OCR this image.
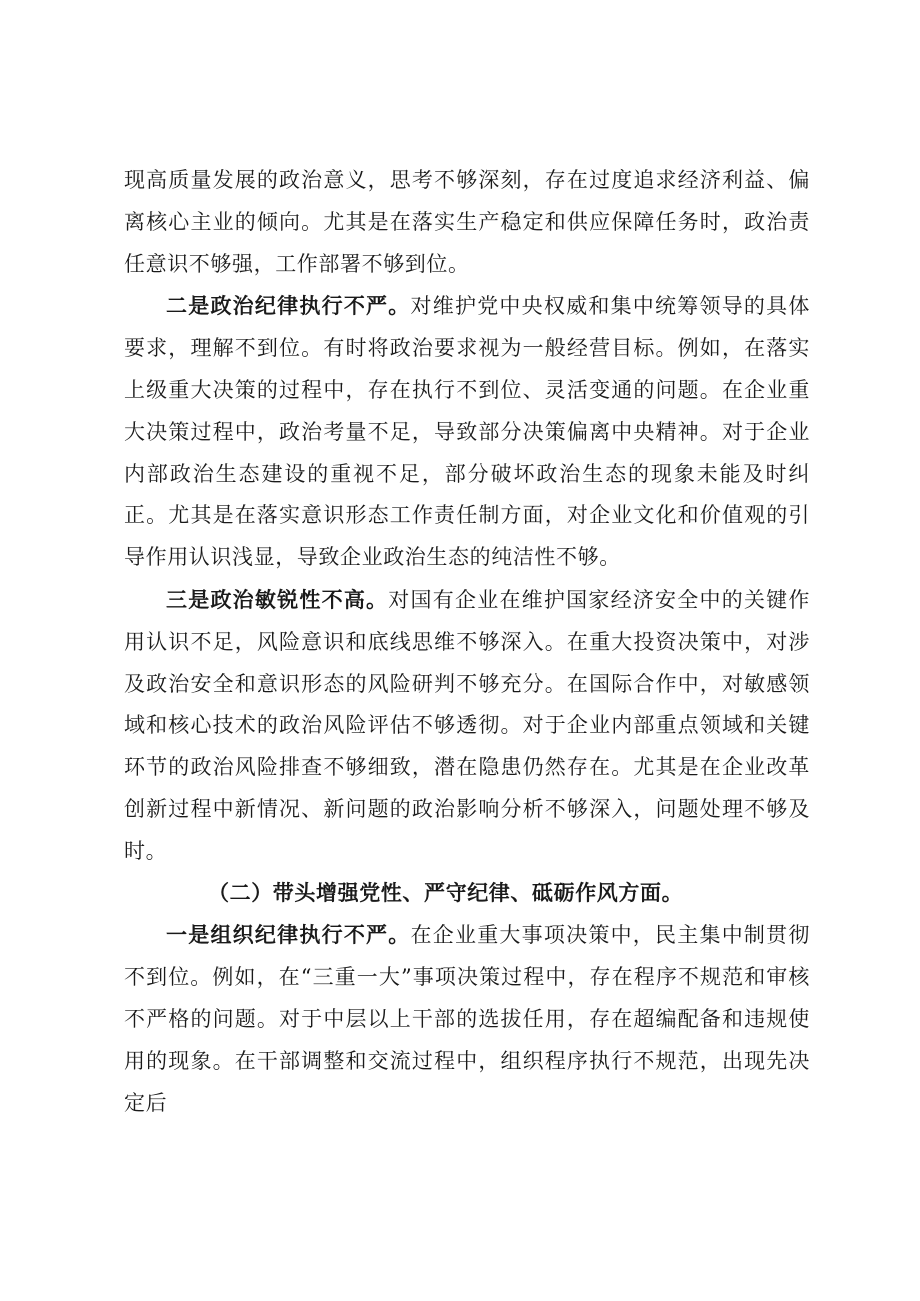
现高质量发展的政治意义，思考不够深刻，存在过度追求经济利益、偏离核心主业的倾向。尤其是在落实生产稳定和供应保障任务时，政治责任意识不够强，工作部署不够到位。

二是政治纪律执行不严。对维护党中央权威和集中统筹领导的具体要求，理解不到位。有时将政治要求视为一般经营目标。例如，在落实上级重大决策的过程中，存在执行不到位、灵活变通的问题。在企业重大决策过程中，政治考量不足，导致部分决策偏离中央精神。对于企业内部政治生态建设的重视不足，部分破坏政治生态的现象未能及时纠正。尤其是在落实意识形态工作责任制方面，对企业文化和价值观的引导作用认识浅显，导致企业政治生态的纯洁性不够。

三是政治敏锐性不高。对国有企业在维护国家经济安全中的关键作用认识不足，风险意识和底线思维不够深入。在重大投资决策中，对涉及政治安全和意识形态的风险研判不够充分。在国际合作中，对敏感领域和核心技术的政治风险评估不够透彻。对于企业内部重点领域和关键环节的政治风险排查不够细致，潜在隐患仍然存在。尤其是在企业改革创新过程中新情况、新问题的政治影响分析不够深入，问题处理不够及时。

（二）带头增强党性、严守纪律、砥砺作风方面。

一是组织纪律执行不严。在企业重大事项决策中，民主集中制贯彻不到位。例如，在“三重一大”事项决策过程中，存在程序不规范和审核不严格的问题。对于中层以上干部的选拔任用，存在超编配备和违规使用的现象。在干部调整和交流过程中，组织程序执行不规范，出现先决定后
